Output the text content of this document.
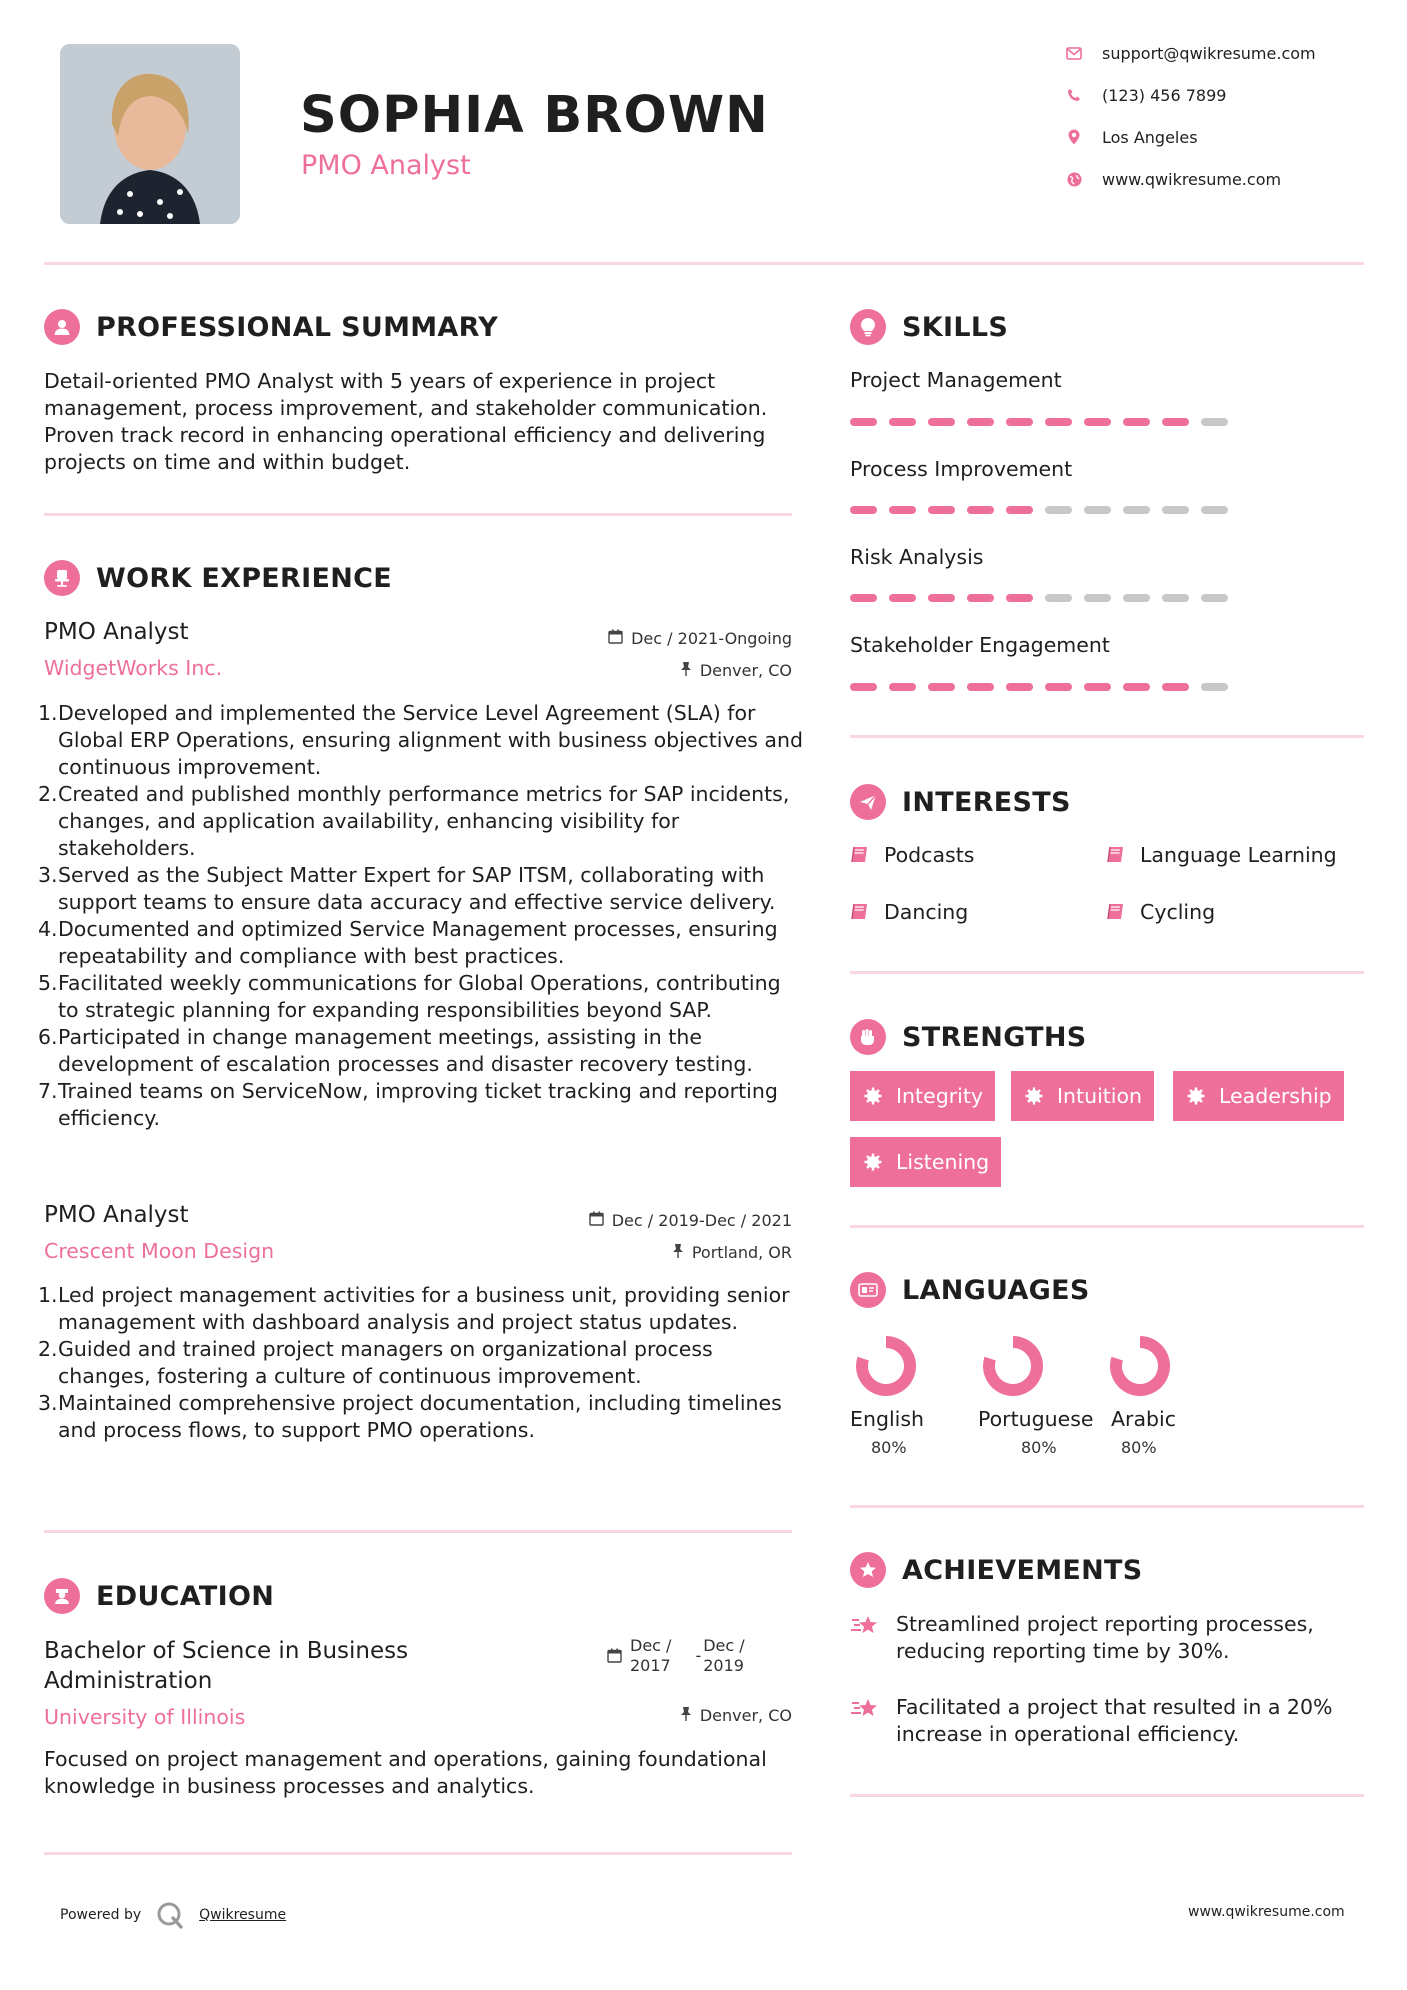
SOPHIA BROWN
PMO Analyst
support@qwikresume.com
(123) 456 7899
Los Angeles
www.qwikresume.com
PROFESSIONAL SUMMARY
Detail-oriented PMO Analyst with 5 years of experience in project management, process improvement, and stakeholder communication. Proven track record in enhancing operational efficiency and delivering projects on time and within budget.
WORK EXPERIENCE
PMO Analyst
WidgetWorks Inc.
Dec / 2021-Ongoing
Denver, CO
1. Developed and implemented the Service Level Agreement (SLA) for Global ERP Operations, ensuring alignment with business objectives and continuous improvement.
2. Created and published monthly performance metrics for SAP incidents, changes, and application availability, enhancing visibility for stakeholders.
3. Served as the Subject Matter Expert for SAP ITSM, collaborating with support teams to ensure data accuracy and effective service delivery.
4. Documented and optimized Service Management processes, ensuring repeatability and compliance with best practices.
5. Facilitated weekly communications for Global Operations, contributing to strategic planning for expanding responsibilities beyond SAP.
6. Participated in change management meetings, assisting in the development of escalation processes and disaster recovery testing.
7. Trained teams on ServiceNow, improving ticket tracking and reporting efficiency.
PMO Analyst
Crescent Moon Design
Dec / 2019-Dec / 2021
Portland, OR
1. Led project management activities for a business unit, providing senior management with dashboard analysis and project status updates.
2. Guided and trained project managers on organizational process changes, fostering a culture of continuous improvement.
3. Maintained comprehensive project documentation, including timelines and process flows, to support PMO operations.
EDUCATION
Bachelor of Science in Business
Administration
Dec /
2017
-
Dec /
2019
University of Illinois	Denver, CO
Focused on project management and operations, gaining foundational knowledge in business processes and analytics.
SKILLS
Project Management
Process Improvement
Risk Analysis
Stakeholder Engagement
INTERESTS
Podcasts	Language Learning
Dancing	Cycling
STRENGTHS
Integrity	Intuition	Leadership
Listening
LANGUAGES
English	Portuguese Arabic
80%	80%	80%
ACHIEVEMENTS
Streamlined project reporting processes, reducing reporting time by 30%.
Facilitated a project that resulted in a 20% increase in operational efficiency.
Powered by	Qwikresume	www.qwikresume.com
